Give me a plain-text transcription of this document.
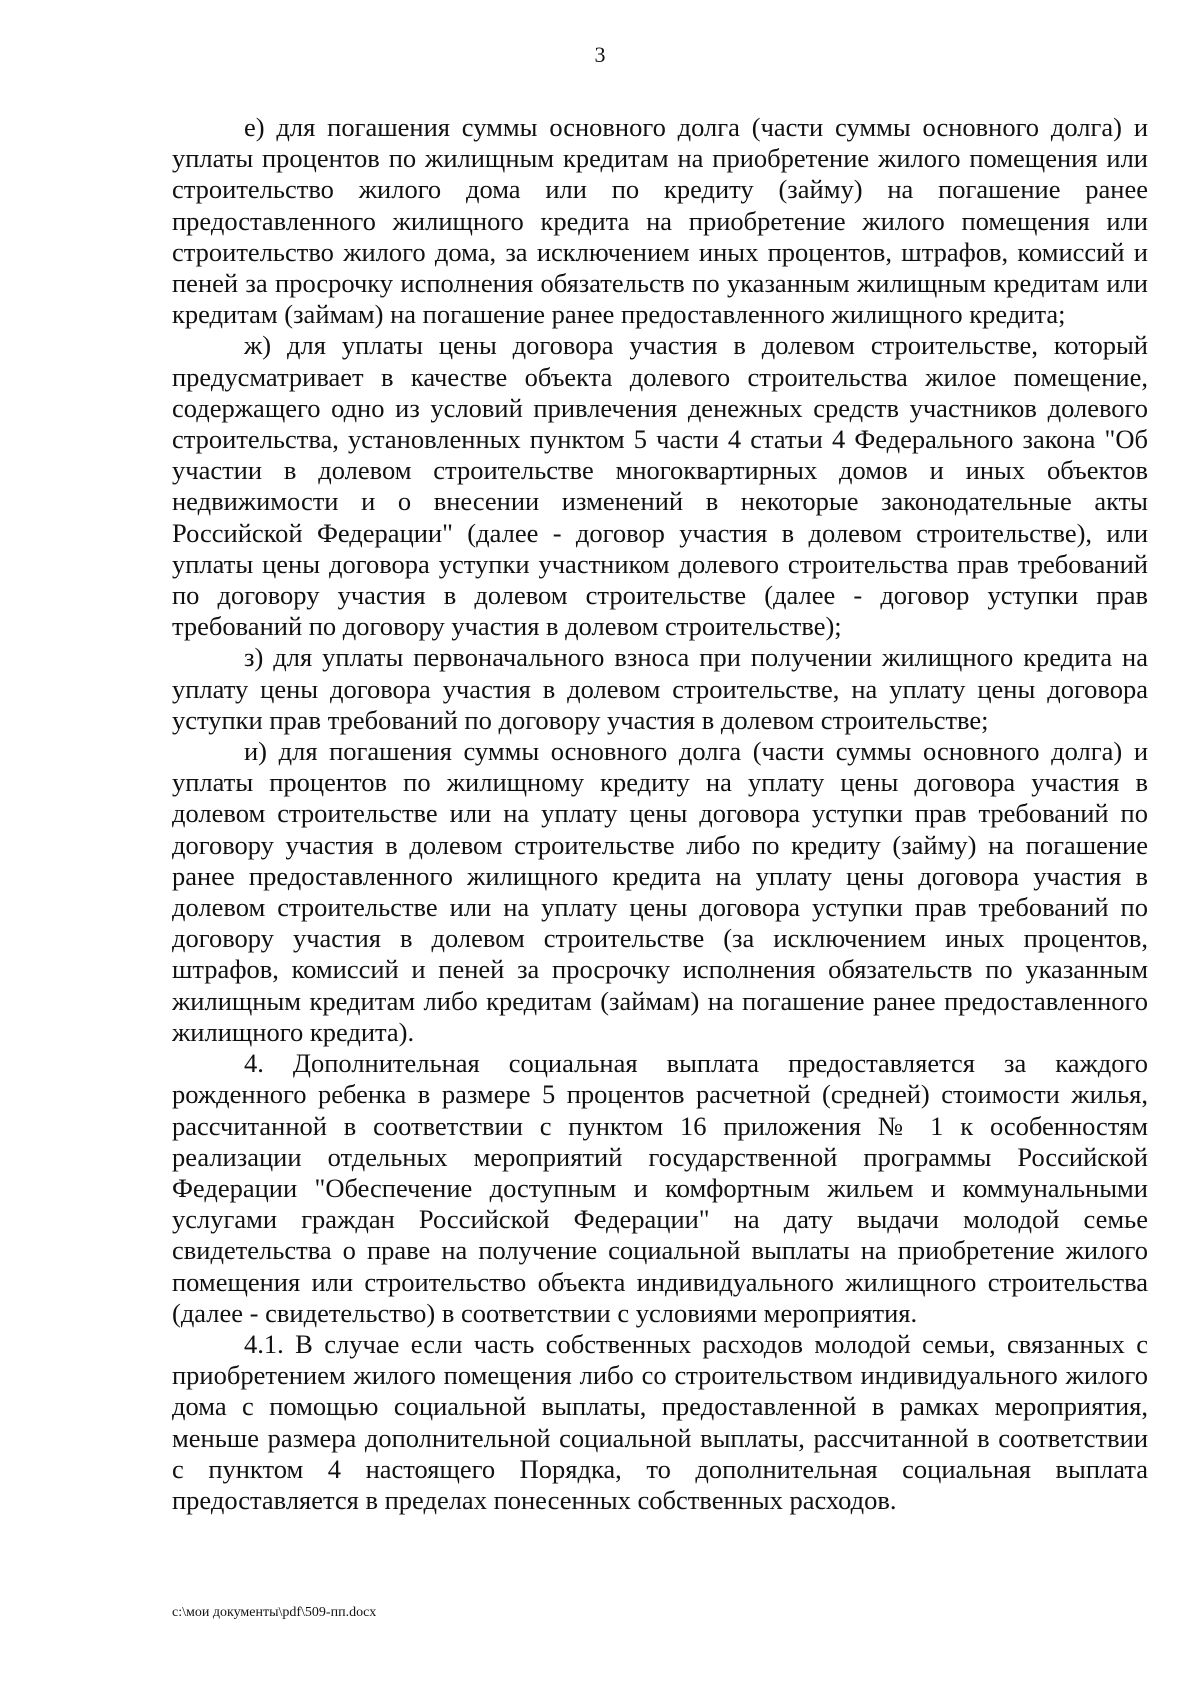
3

е) для погашения суммы основного долга (части суммы основного долга) и уплаты процентов по жилищным кредитам на приобретение жилого помещения или строительство жилого дома или по кредиту (займу) на погашение ранее предоставленного жилищного кредита на приобретение жилого помещения или строительство жилого дома, за исключением иных процентов, штрафов, комиссий и пеней за просрочку исполнения обязательств по указанным жилищным кредитам или кредитам (займам) на погашение ранее предоставленного жилищного кредита;

ж) для уплаты цены договора участия в долевом строительстве, который предусматривает в качестве объекта долевого строительства жилое помещение, содержащего одно из условий привлечения денежных средств участников долевого строительства, установленных пунктом 5 части 4 статьи 4 Федерального закона "Об участии в долевом строительстве многоквартирных домов и иных объектов недвижимости и о внесении изменений в некоторые законодательные акты Российской Федерации" (далее - договор участия в долевом строительстве), или уплаты цены договора уступки участником долевого строительства прав требований по договору участия в долевом строительстве (далее - договор уступки прав требований по договору участия в долевом строительстве);

з) для уплаты первоначального взноса при получении жилищного кредита на уплату цены договора участия в долевом строительстве, на уплату цены договора уступки прав требований по договору участия в долевом строительстве;

и) для погашения суммы основного долга (части суммы основного долга) и уплаты процентов по жилищному кредиту на уплату цены договора участия в долевом строительстве или на уплату цены договора уступки прав требований по договору участия в долевом строительстве либо по кредиту (займу) на погашение ранее предоставленного жилищного кредита на уплату цены договора участия в долевом строительстве или на уплату цены договора уступки прав требований по договору участия в долевом строительстве (за исключением иных процентов, штрафов, комиссий и пеней за просрочку исполнения обязательств по указанным жилищным кредитам либо кредитам (займам) на погашение ранее предоставленного жилищного кредита).

4. Дополнительная социальная выплата предоставляется за каждого рожденного ребенка в размере 5 процентов расчетной (средней) стоимости жилья, рассчитанной в соответствии с пунктом 16 приложения № 1 к особенностям реализации отдельных мероприятий государственной программы Российской Федерации "Обеспечение доступным и комфортным жильем и коммунальными услугами граждан Российской Федерации" на дату выдачи молодой семье свидетельства о праве на получение социальной выплаты на приобретение жилого помещения или строительство объекта индивидуального жилищного строительства (далее - свидетельство) в соответствии с условиями мероприятия.

4.1. В случае если часть собственных расходов молодой семьи, связанных с приобретением жилого помещения либо со строительством индивидуального жилого дома с помощью социальной выплаты, предоставленной в рамках мероприятия, меньше размера дополнительной социальной выплаты, рассчитанной в соответствии с пунктом 4 настоящего Порядка, то дополнительная социальная выплата предоставляется в пределах понесенных собственных расходов.

c:\мои документы\pdf\509-пп.docx
